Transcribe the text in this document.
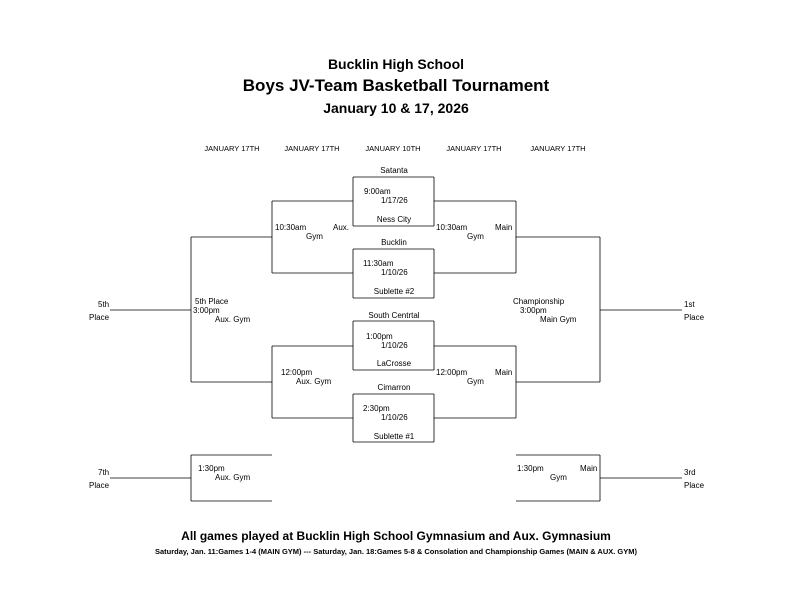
Bucklin High School
Boys JV-Team Basketball Tournament
January 10 & 17, 2026
JANUARY 17TH	JANUARY 17TH	JANUARY 10TH	JANUARY 17TH	JANUARY 17TH
Satanta
Ness City
Bucklin
Sublette #2
South Centrtal
LaCrosse
Cimarron
Sublette #1
9:00am
1/17/26
11:30am
1/10/26
1:00pm
1/10/26
2:30pm
1/10/26
10:30am	Aux.
Gym
12:00pm
Aux. Gym
10:30am	Main
Gym
12:00pm	Main
Gym
5th Place
3:00pm
Aux. Gym
5th
Place
Championship
3:00pm
Main Gym
1st
Place
1:30pm
Aux. Gym
7th
Place
1:30pm	Main
Gym
3rd
Place
All games played at Bucklin High School Gymnasium and Aux. Gymnasium
Saturday, Jan. 11:Games 1-4 (MAIN GYM) --- Saturday, Jan. 18:Games 5-8 & Consolation and Championship Games (MAIN & AUX. GYM)
